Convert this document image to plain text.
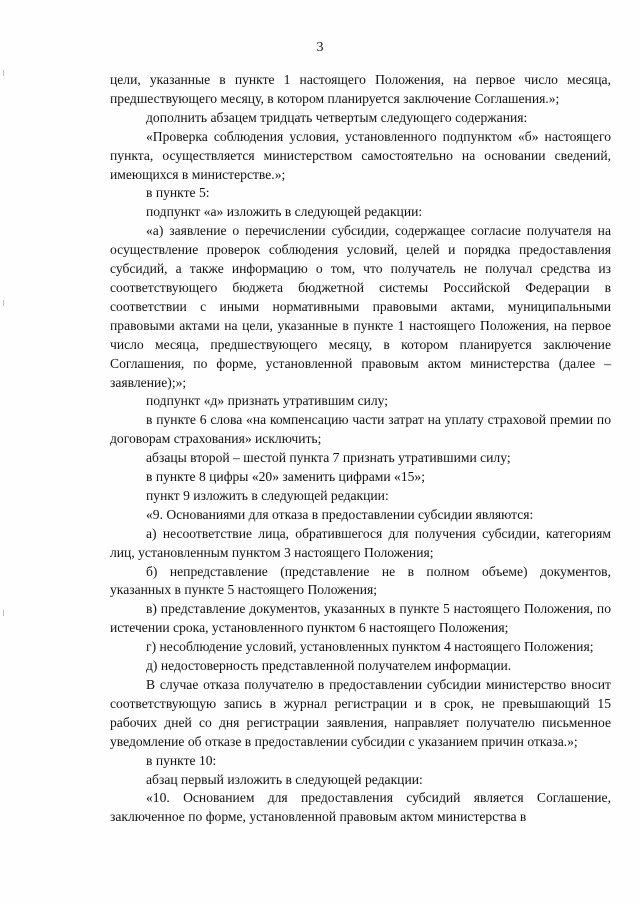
3

цели, указанные в пункте 1 настоящего Положения, на первое число месяца, предшествующего месяцу, в котором планируется заключение Соглашения.»;

дополнить абзацем тридцать четвертым следующего содержания:

«Проверка соблюдения условия, установленного подпунктом «б» настоящего пункта, осуществляется министерством самостоятельно на основании сведений, имеющихся в министерстве.»;

в пункте 5:

подпункт «а» изложить в следующей редакции:

«а) заявление о перечислении субсидии, содержащее согласие получателя на осуществление проверок соблюдения условий, целей и порядка предоставления субсидий, а также информацию о том, что получатель не получал средства из соответствующего бюджета бюджетной системы Российской Федерации в соответствии с иными нормативными правовыми актами, муниципальными правовыми актами на цели, указанные в пункте 1 настоящего Положения, на первое число месяца, предшествующего месяцу, в котором планируется заключение Соглашения, по форме, установленной правовым актом министерства (далее – заявление);»;

подпункт «д» признать утратившим силу;

в пункте 6 слова «на компенсацию части затрат на уплату страховой премии по договорам страхования» исключить;

абзацы второй – шестой пункта 7 признать утратившими силу;

в пункте 8 цифры «20» заменить цифрами «15»;

пункт 9 изложить в следующей редакции:

«9. Основаниями для отказа в предоставлении субсидии являются:

а) несоответствие лица, обратившегося для получения субсидии, категориям лиц, установленным пунктом 3 настоящего Положения;

б) непредставление (представление не в полном объеме) документов, указанных в пункте 5 настоящего Положения;

в) представление документов, указанных в пункте 5 настоящего Положения, по истечении срока, установленного пунктом 6 настоящего Положения;

г) несоблюдение условий, установленных пунктом 4 настоящего Положения;

д) недостоверность представленной получателем информации.

В случае отказа получателю в предоставлении субсидии министерство вносит соответствующую запись в журнал регистрации и в срок, не превышающий 15 рабочих дней со дня регистрации заявления, направляет получателю письменное уведомление об отказе в предоставлении субсидии с указанием причин отказа.»;

в пункте 10:

абзац первый изложить в следующей редакции:

«10. Основанием для предоставления субсидий является Соглашение, заключенное по форме, установленной правовым актом министерства в
